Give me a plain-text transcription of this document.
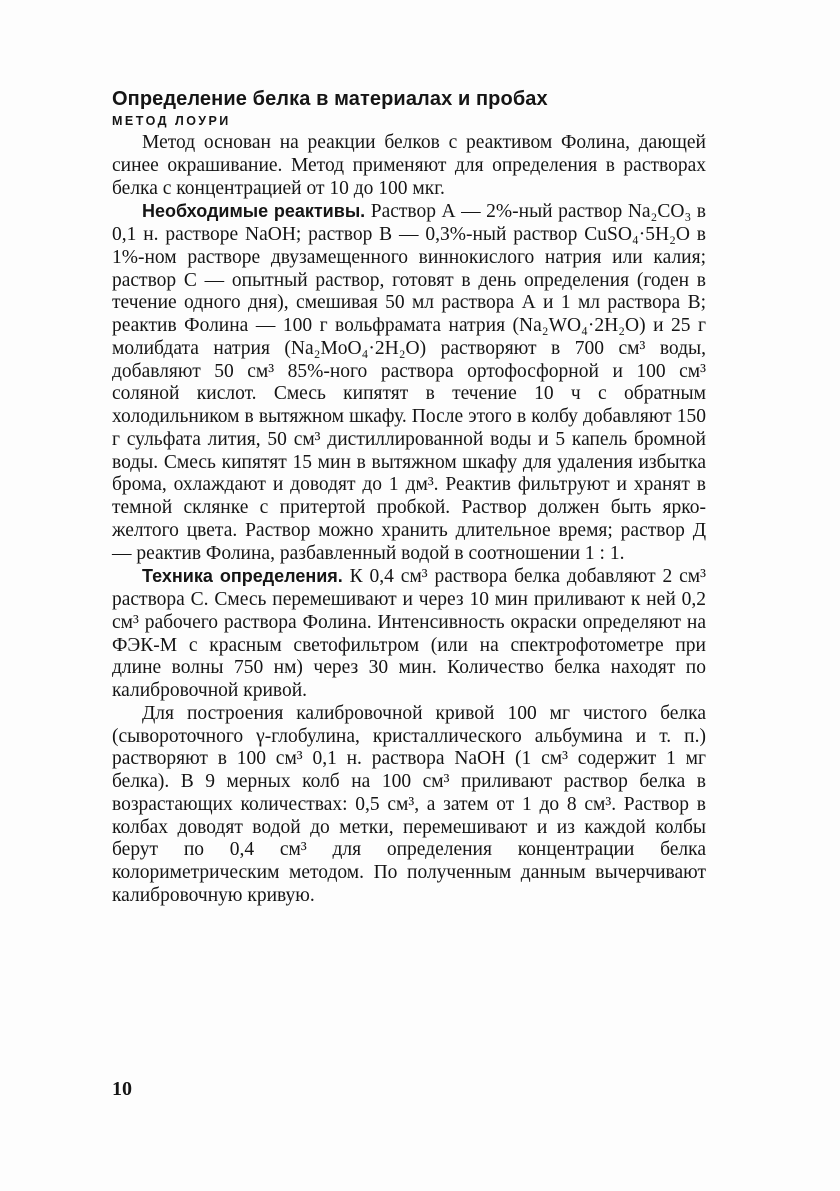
Определение белка в материалах и пробах
МЕТОД ЛОУРИ

Метод основан на реакции белков с реактивом Фолина, дающей синее окрашивание. Метод применяют для определения в растворах белка с концентрацией от 10 до 100 мкг.

Необходимые реактивы. Раствор А — 2%-ный раствор Na₂CO₃ в 0,1 н. растворе NaOH; раствор В — 0,3%-ный раствор CuSO₄·5H₂O в 1%-ном растворе двузамещенного виннокислого натрия или калия; раствор С — опытный раствор, готовят в день определения (годен в течение одного дня), смешивая 50 мл раствора А и 1 мл раствора В; реактив Фолина — 100 г вольфрамата натрия (Na₂WO₄·2H₂O) и 25 г молибдата натрия (Na₂MoO₄·2H₂O) растворяют в 700 см³ воды, добавляют 50 см³ 85%-ного раствора ортофосфорной и 100 см³ соляной кислот. Смесь кипятят в течение 10 ч с обратным холодильником в вытяжном шкафу. После этого в колбу добавляют 150 г сульфата лития, 50 см³ дистиллированной воды и 5 капель бромной воды. Смесь кипятят 15 мин в вытяжном шкафу для удаления избытка брома, охлаждают и доводят до 1 дм³. Реактив фильтруют и хранят в темной склянке с притертой пробкой. Раствор должен быть ярко-желтого цвета. Раствор можно хранить длительное время; раствор Д — реактив Фолина, разбавленный водой в соотношении 1 : 1.

Техника определения. К 0,4 см³ раствора белка добавляют 2 см³ раствора С. Смесь перемешивают и через 10 мин приливают к ней 0,2 см³ рабочего раствора Фолина. Интенсивность окраски определяют на ФЭК-М с красным светофильтром (или на спектрофотометре при длине волны 750 нм) через 30 мин. Количество белка находят по калибровочной кривой.

Для построения калибровочной кривой 100 мг чистого белка (сывороточного γ-глобулина, кристаллического альбумина и т. п.) растворяют в 100 см³ 0,1 н. раствора NaOH (1 см³ содержит 1 мг белка). В 9 мерных колб на 100 см³ приливают раствор белка в возрастающих количествах: 0,5 см³, а затем от 1 до 8 см³. Раствор в колбах доводят водой до метки, перемешивают и из каждой колбы берут по 0,4 см³ для определения концентрации белка колориметрическим методом. По полученным данным вычерчивают калибровочную кривую.

10
